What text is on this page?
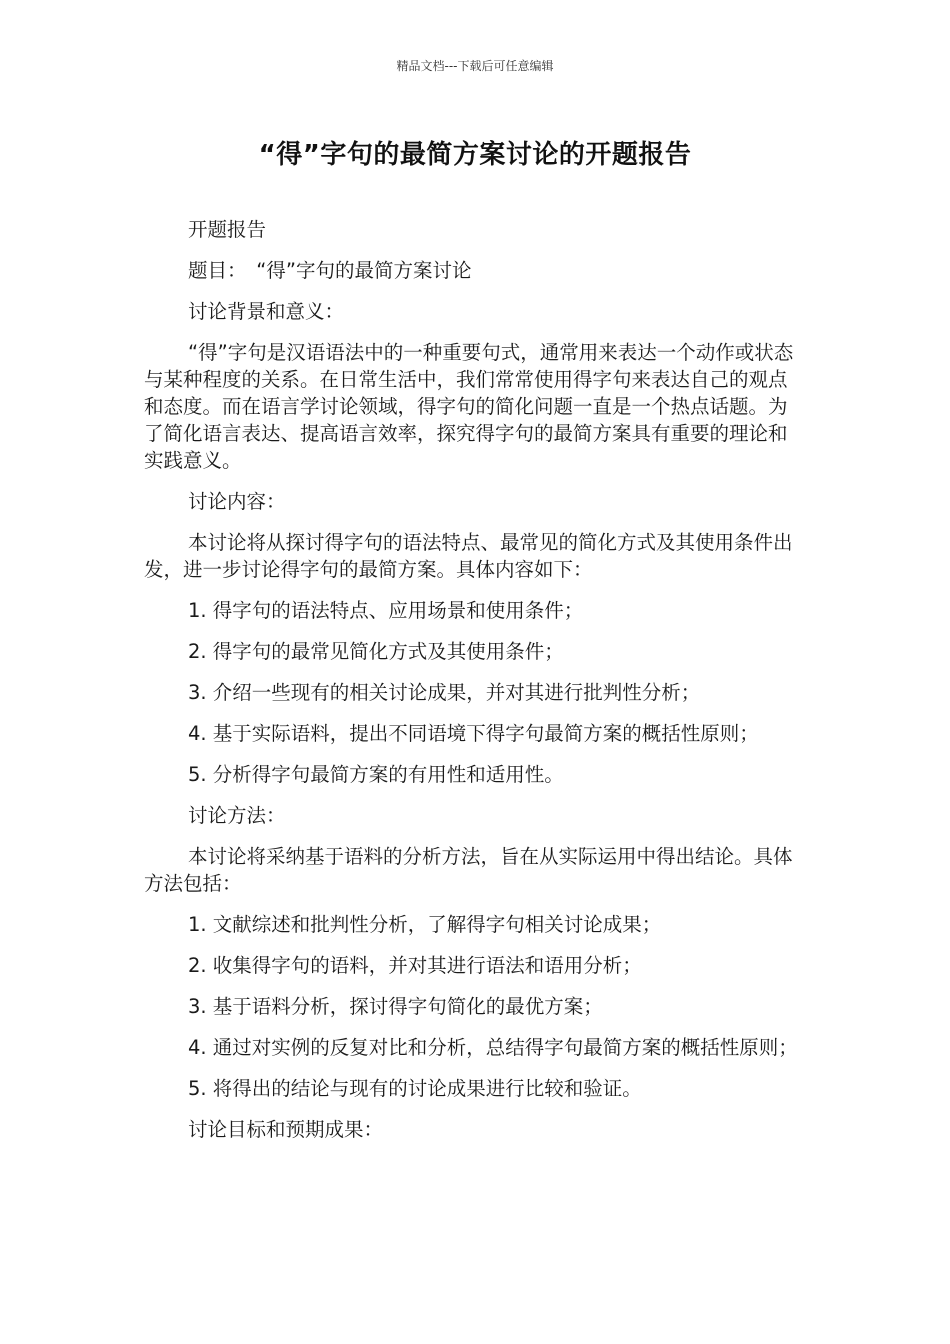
精品文档---下载后可任意编辑
“得”字句的最简方案讨论的开题报告

开题报告

题目：　“得”字句的最简方案讨论

讨论背景和意义：

“得”字句是汉语语法中的一种重要句式，通常用来表达一个动作或状态与某种程度的关系。在日常生活中，我们常常使用得字句来表达自己的观点和态度。而在语言学讨论领域，得字句的简化问题一直是一个热点话题。为了简化语言表达、提高语言效率，探究得字句的最简方案具有重要的理论和实践意义。

讨论内容：

本讨论将从探讨得字句的语法特点、最常见的简化方式及其使用条件出发，进一步讨论得字句的最简方案。具体内容如下：

1. 得字句的语法特点、应用场景和使用条件；

2. 得字句的最常见简化方式及其使用条件；

3. 介绍一些现有的相关讨论成果，并对其进行批判性分析；

4. 基于实际语料，提出不同语境下得字句最简方案的概括性原则；

5. 分析得字句最简方案的有用性和适用性。

讨论方法：

本讨论将采纳基于语料的分析方法，旨在从实际运用中得出结论。具体方法包括：

1. 文献综述和批判性分析，了解得字句相关讨论成果；

2. 收集得字句的语料，并对其进行语法和语用分析；

3. 基于语料分析，探讨得字句简化的最优方案；

4. 通过对实例的反复对比和分析，总结得字句最简方案的概括性原则；

5. 将得出的结论与现有的讨论成果进行比较和验证。

讨论目标和预期成果：
